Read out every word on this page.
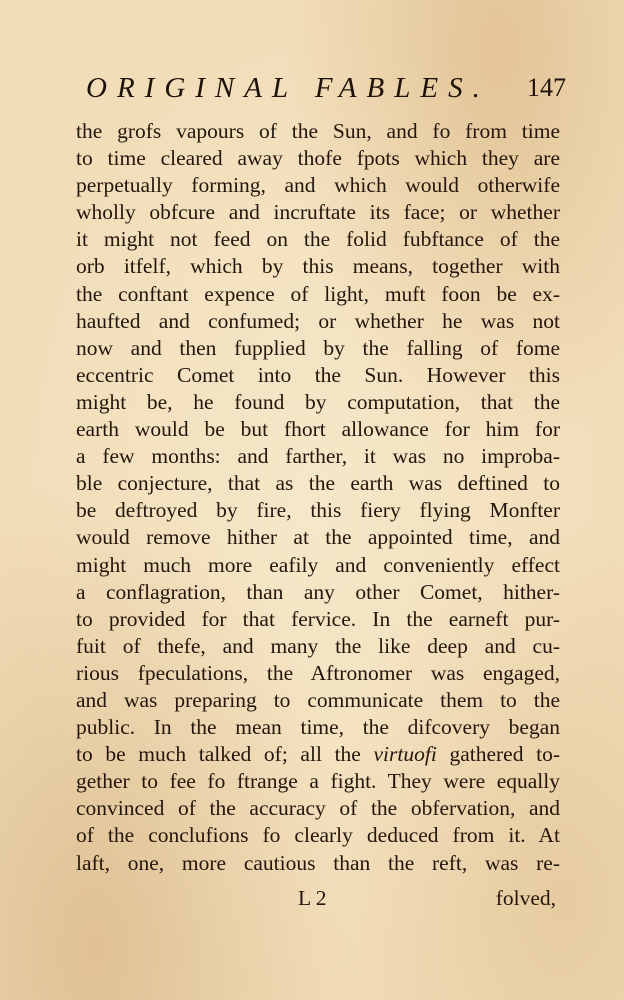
ORIGINAL FABLES. 147
the grofs vapours of the Sun, and fo from time
to time cleared away thofe fpots which they are
perpetually forming, and which would otherwife
wholly obfcure and incruftate its face; or whether
it might not feed on the folid fubftance of the
orb itfelf, which by this means, together with
the conftant expence of light, muft foon be ex-
haufted and confumed; or whether he was not
now and then fupplied by the falling of fome
eccentric Comet into the Sun. However this
might be, he found by computation, that the
earth would be but fhort allowance for him for
a few months: and farther, it was no improba-
ble conjecture, that as the earth was deftined to
be deftroyed by fire, this fiery flying Monfter
would remove hither at the appointed time, and
might much more eafily and conveniently effect
a conflagration, than any other Comet, hither-
to provided for that fervice. In the earneft pur-
fuit of thefe, and many the like deep and cu-
rious fpeculations, the Aftronomer was engaged,
and was preparing to communicate them to the
public. In the mean time, the difcovery began
to be much talked of; all the virtuofi gathered to-
gether to fee fo ftrange a fight. They were equally
convinced of the accuracy of the obfervation, and
of the conclufions fo clearly deduced from it. At
laft, one, more cautious than the reft, was re-
L 2	folved,
